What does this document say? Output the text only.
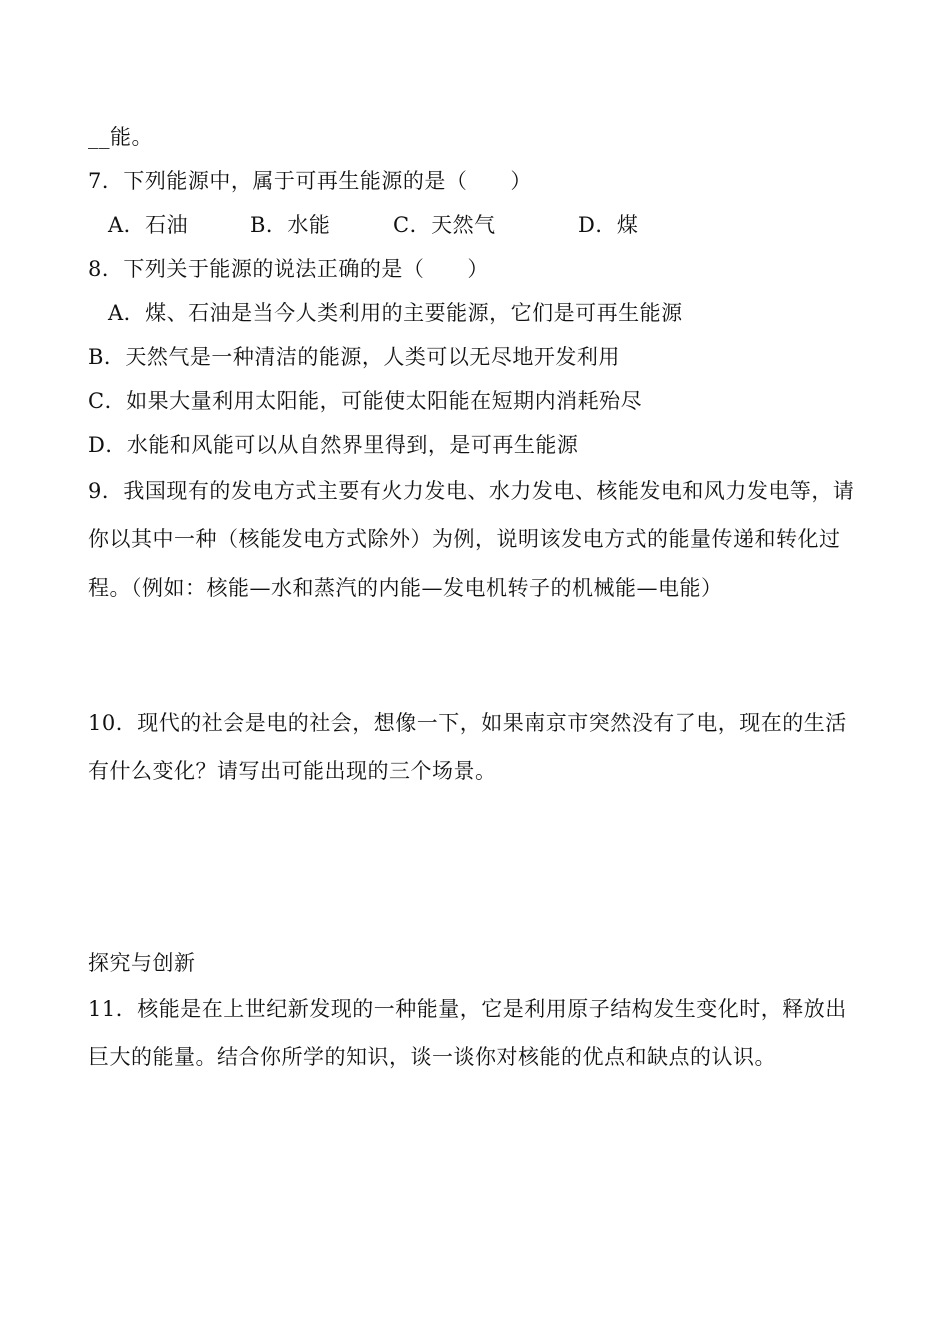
__能。
7．下列能源中，属于可再生能源的是（　　）
A．石油	B．水能	C．天然气	D．煤
8．下列关于能源的说法正确的是（　　）
A．煤、石油是当今人类利用的主要能源，它们是可再生能源
B．天然气是一种清洁的能源，人类可以无尽地开发利用
C．如果大量利用太阳能，可能使太阳能在短期内消耗殆尽
D．水能和风能可以从自然界里得到，是可再生能源
9．我国现有的发电方式主要有火力发电、水力发电、核能发电和风力发电等，请
你以其中一种（核能发电方式除外）为例，说明该发电方式的能量传递和转化过
程。（例如：核能—水和蒸汽的内能—发电机转子的机械能—电能）
10．现代的社会是电的社会，想像一下，如果南京市突然没有了电，现在的生活
有什么变化？请写出可能出现的三个场景。
探究与创新
11．核能是在上世纪新发现的一种能量，它是利用原子结构发生变化时，释放出
巨大的能量。结合你所学的知识，谈一谈你对核能的优点和缺点的认识。
